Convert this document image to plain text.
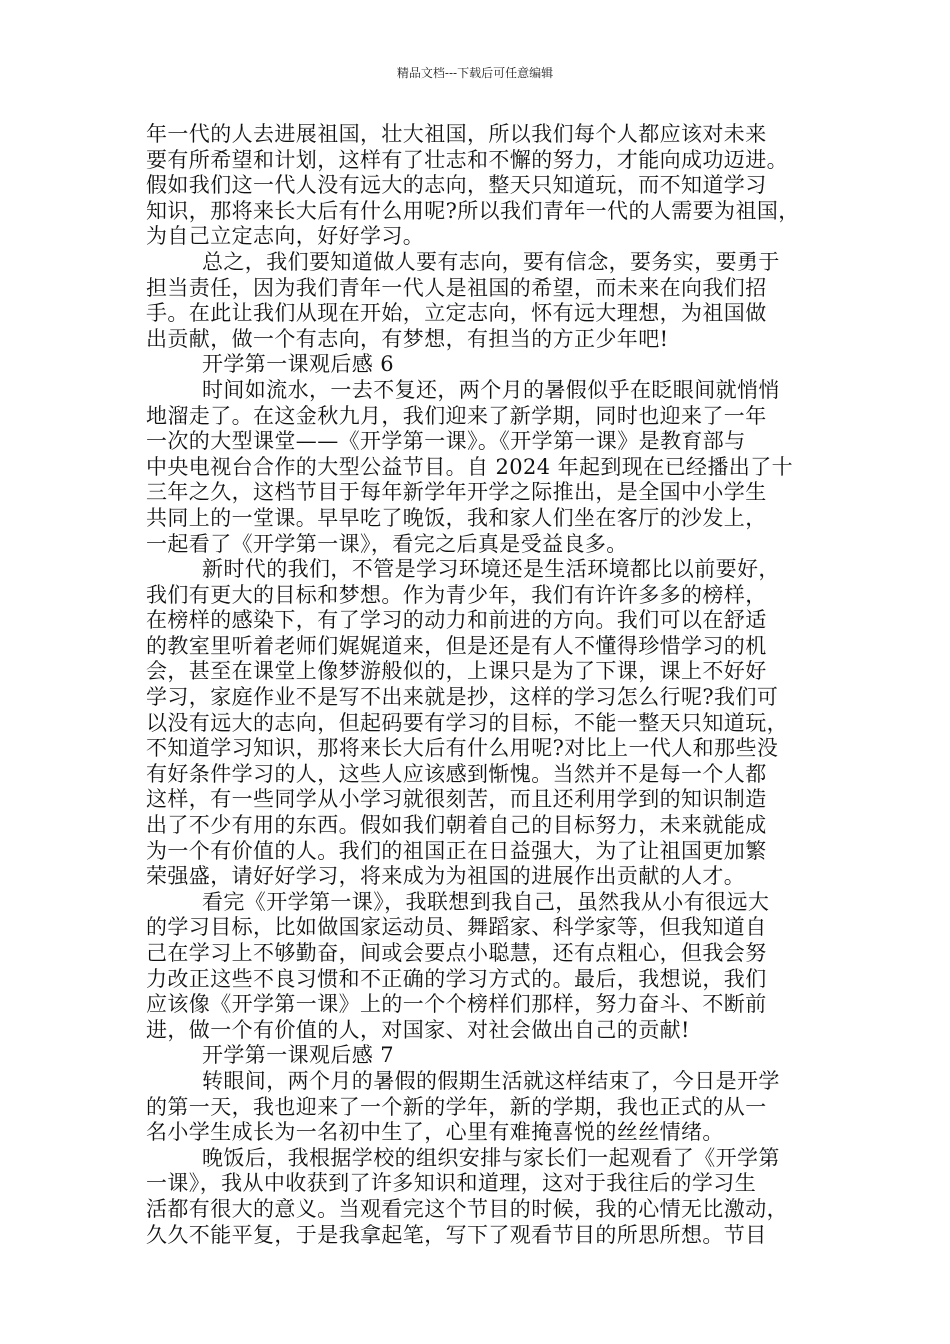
精品文档---下载后可任意编辑
年一代的人去进展祖国，壮大祖国，所以我们每个人都应该对未来
要有所希望和计划，这样有了壮志和不懈的努力，才能向成功迈进。
假如我们这一代人没有远大的志向，整天只知道玩，而不知道学习
知识，那将来长大后有什么用呢?所以我们青年一代的人需要为祖国，
为自己立定志向，好好学习。
总之，我们要知道做人要有志向，要有信念，要务实，要勇于
担当责任，因为我们青年一代人是祖国的希望，而未来在向我们招
手。在此让我们从现在开始，立定志向，怀有远大理想，为祖国做
出贡献，做一个有志向，有梦想，有担当的方正少年吧!
开学第一课观后感 6
时间如流水，一去不复还，两个月的暑假似乎在眨眼间就悄悄
地溜走了。在这金秋九月，我们迎来了新学期，同时也迎来了一年
一次的大型课堂——《开学第一课》。《开学第一课》是教育部与
中央电视台合作的大型公益节目。自 2024 年起到现在已经播出了十
三年之久，这档节目于每年新学年开学之际推出，是全国中小学生
共同上的一堂课。早早吃了晚饭，我和家人们坐在客厅的沙发上，
一起看了《开学第一课》，看完之后真是受益良多。
新时代的我们，不管是学习环境还是生活环境都比以前要好，
我们有更大的目标和梦想。作为青少年，我们有许许多多的榜样，
在榜样的感染下，有了学习的动力和前进的方向。我们可以在舒适
的教室里听着老师们娓娓道来，但是还是有人不懂得珍惜学习的机
会，甚至在课堂上像梦游般似的，上课只是为了下课，课上不好好
学习，家庭作业不是写不出来就是抄，这样的学习怎么行呢?我们可
以没有远大的志向，但起码要有学习的目标，不能一整天只知道玩，
不知道学习知识，那将来长大后有什么用呢?对比上一代人和那些没
有好条件学习的人，这些人应该感到惭愧。当然并不是每一个人都
这样，有一些同学从小学习就很刻苦，而且还利用学到的知识制造
出了不少有用的东西。假如我们朝着自己的目标努力，未来就能成
为一个有价值的人。我们的祖国正在日益强大，为了让祖国更加繁
荣强盛，请好好学习，将来成为为祖国的进展作出贡献的人才。
看完《开学第一课》，我联想到我自己，虽然我从小有很远大
的学习目标，比如做国家运动员、舞蹈家、科学家等，但我知道自
己在学习上不够勤奋，间或会要点小聪慧，还有点粗心，但我会努
力改正这些不良习惯和不正确的学习方式的。最后，我想说，我们
应该像《开学第一课》上的一个个榜样们那样，努力奋斗、不断前
进，做一个有价值的人，对国家、对社会做出自己的贡献!
开学第一课观后感 7
转眼间，两个月的暑假的假期生活就这样结束了，今日是开学
的第一天，我也迎来了一个新的学年，新的学期，我也正式的从一
名小学生成长为一名初中生了，心里有难掩喜悦的丝丝情绪。
晚饭后，我根据学校的组织安排与家长们一起观看了《开学第
一课》，我从中收获到了许多知识和道理，这对于我往后的学习生
活都有很大的意义。当观看完这个节目的时候，我的心情无比激动，
久久不能平复，于是我拿起笔，写下了观看节目的所思所想。节目
